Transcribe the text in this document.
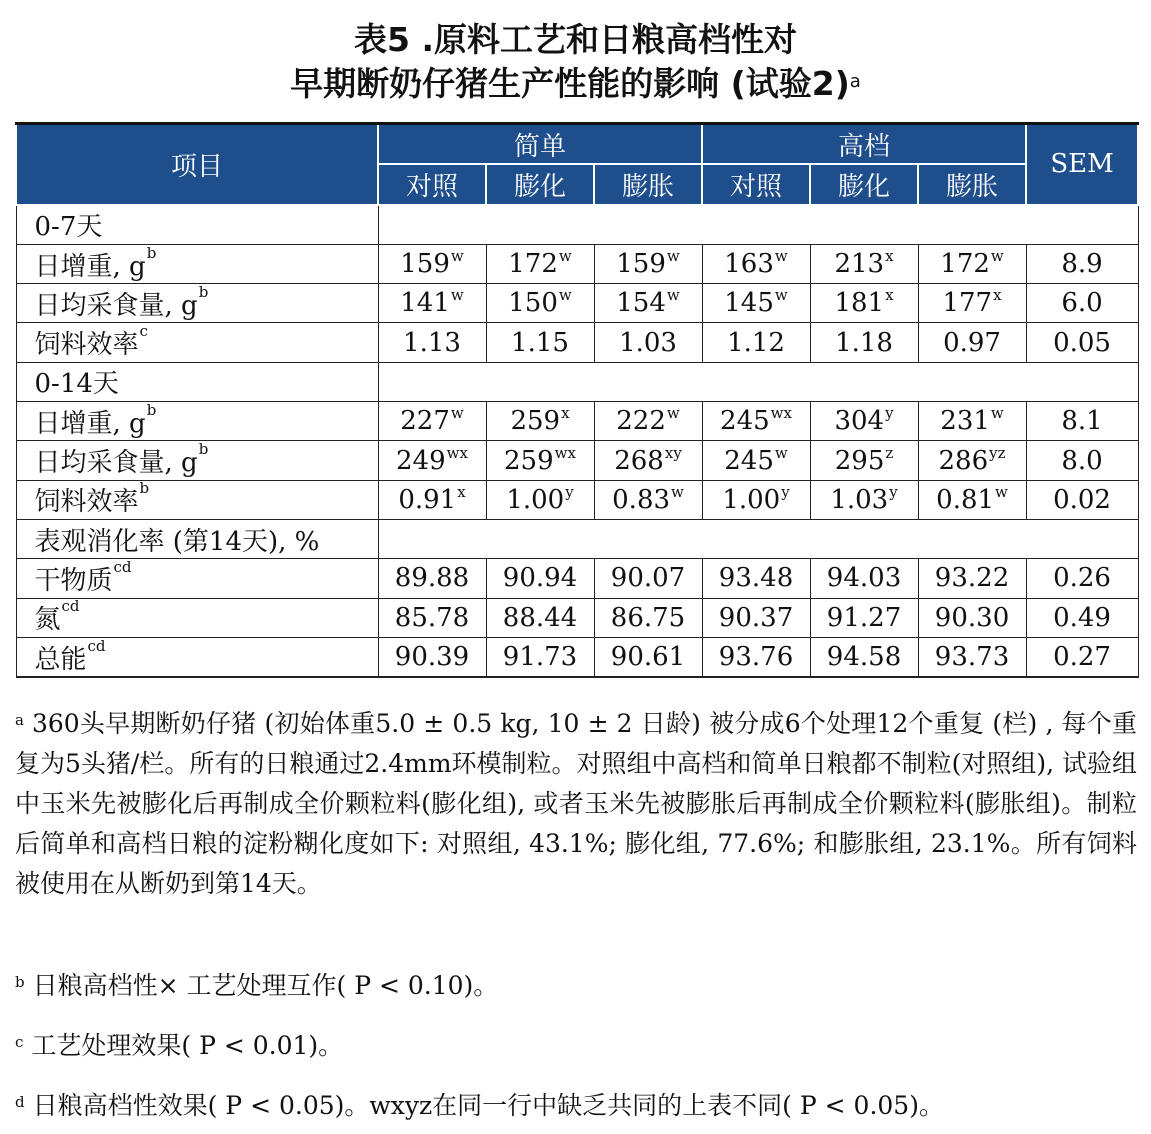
表5 .原料工艺和日粮高档性对
早期断奶仔猪生产性能的影响 (试验2)$^a$
项目	简单			高档			SEM
	对照	膨化	膨胀	对照	膨化	膨胀	
0-7天							
日增重, $g^b$	159$^w$	172$^w$	159$^w$	163$^w$	213$^x$	172$^w$	8.9
日均采食量, $g^b$	141$^w$	150$^w$	154$^w$	145$^w$	181$^x$	177$^x$	6.0
饲料效率$^c$	1.13	1.15	1.03	1.12	1.18	0.97	0.05
0-14天							
日增重, $g^b$	227$^w$	259$^x$	222$^w$	$245^{wx}$	304$^y$	231$^w$	8.1
日均采食量, $g^b$	$249^{wx}$	$259^{wx}$	$268^{xy}$	245$^w$	295$^z$	$286^{yz}$	8.0
饲料效率$^b$	0.91$^x$	1.00$^y$	0.83$^w$	1.00$^y$	1.03$^y$	0.81$^w$	0.02
表观消化率 (第14天), %							
干物质$^{cd}$	89.88	90.94	90.07	93.48	94.03	93.22	0.26
氮$^{cd}$	85.78	88.44	86.75	90.37	91.27	90.30	0.49
总能$^{cd}$	90.39	91.73	90.61	93.76	94.58	93.73	0.27

$^a$ 360头早期断奶仔猪 (初始体重5.0 ± 0.5 kg, 10 ± 2 日龄) 被分成6个处理12个重复 (栏) , 每个重复为5头猪/栏。所有的日粮通过2.4mm环模制粒。对照组中高档和简单日粮都不制粒(对照组), 试验组中玉米先被膨化后再制成全价颗粒料(膨化组), 或者玉米先被膨胀后再制成全价颗粒料(膨胀组)。制粒后简单和高档日粮的淀粉糊化度如下: 对照组, 43.1%; 膨化组, 77.6%; 和膨胀组, 23.1%。所有饲料被使用在从断奶到第14天。

$^b$ 日粮高档性× 工艺处理互作( P < 0.10)。

$^c$ 工艺处理效果( P < 0.01)。

$^d$ 日粮高档性效果( P < 0.05)。wxyz在同一行中缺乏共同的上表不同( P < 0.05)。
